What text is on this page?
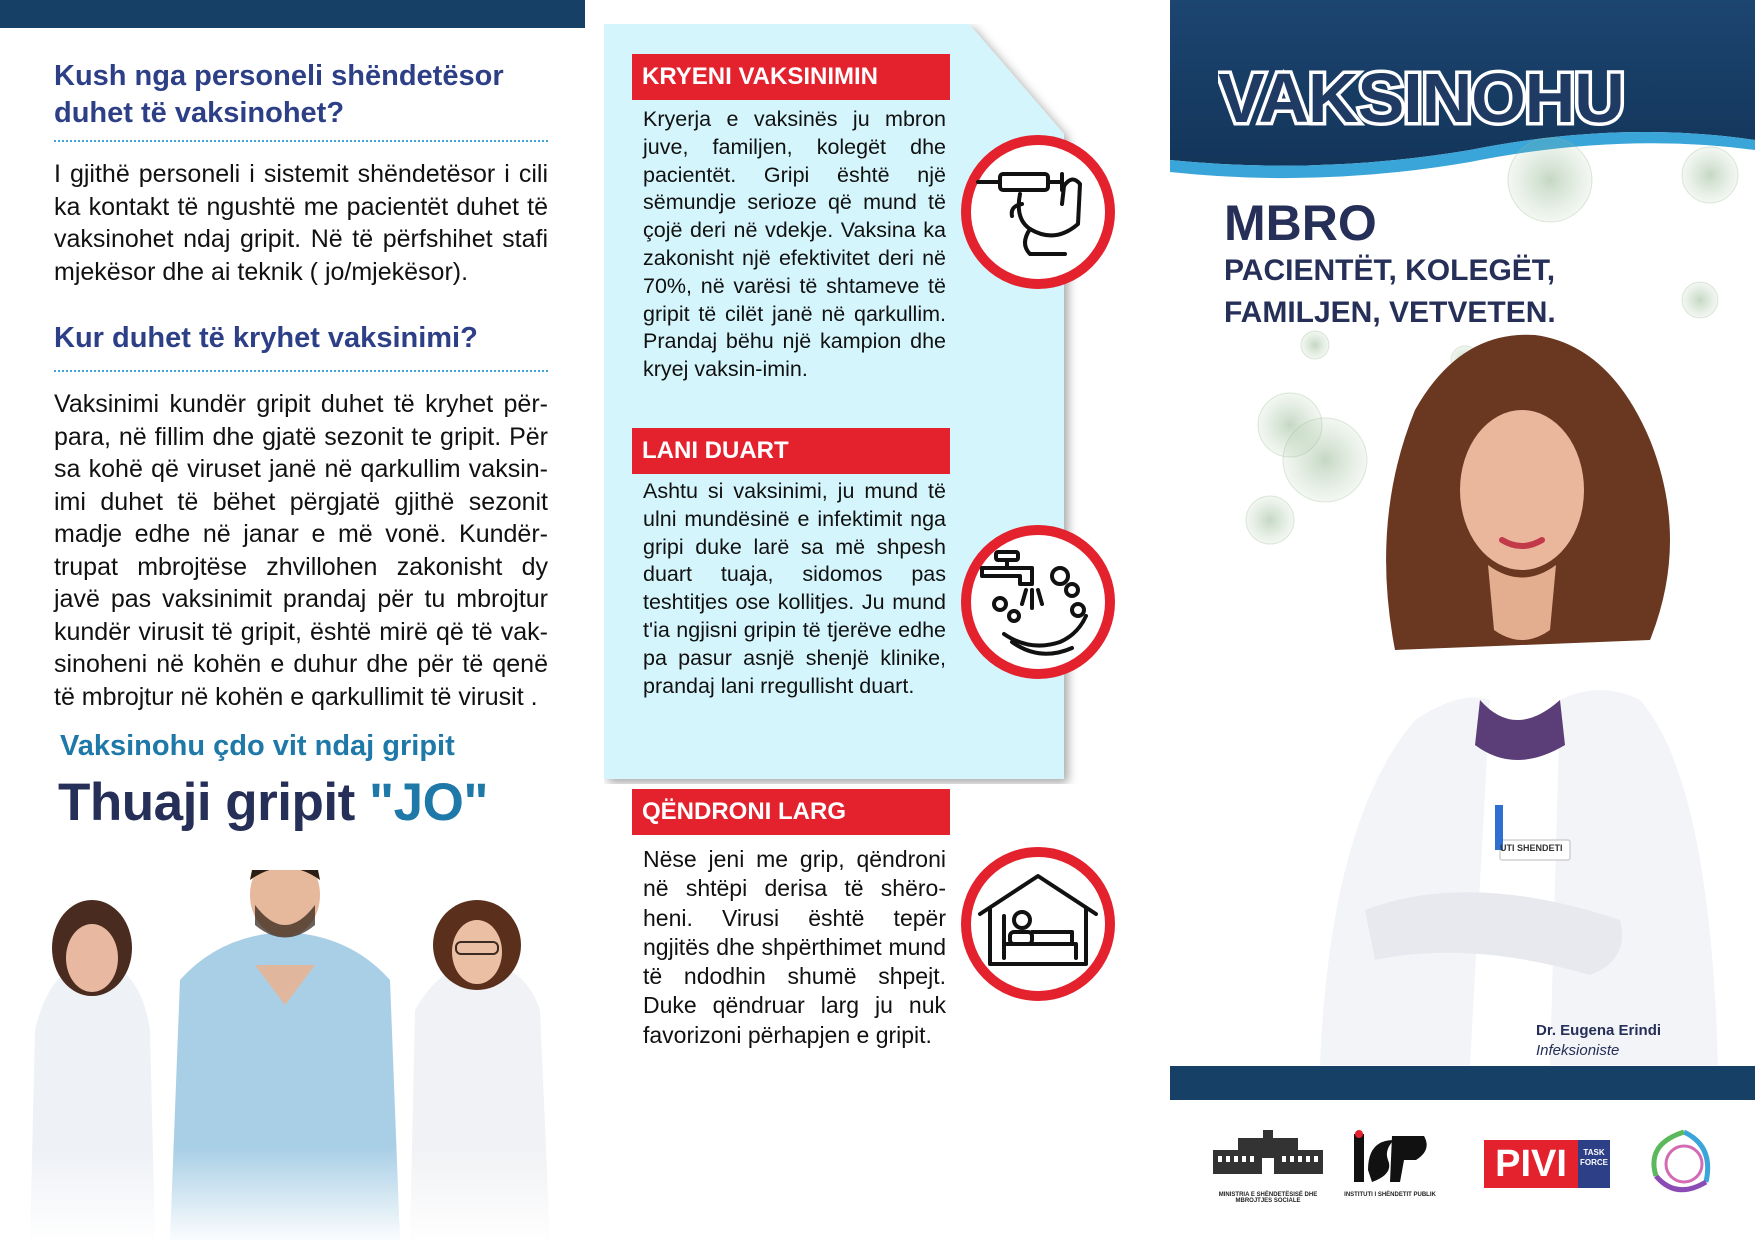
Kush nga personeli shëndetësor duhet të vaksinohet?
I gjithë personeli i sistemit shëndetësor i cili ka kontakt të ngushtë me pacientët duhet të vaksinohet ndaj gripit. Në të përfshihet stafi mjekësor dhe ai teknik ( jo/mjekësor).
Kur duhet të kryhet vaksinimi?
Vaksinimi kundër gripit duhet të kryhet për-para, në fillim dhe gjatë sezonit te gripit. Për sa kohë që viruset janë në qarkullim vaksin-imi duhet të bëhet përgjatë gjithë sezonit madje edhe në janar e më vonë. Kundër-trupat mbrojtëse zhvillohen zakonisht dy javë pas vaksinimit prandaj për tu mbrojtur kundër virusit të gripit, është mirë që të vak-sinoheni në kohën e duhur dhe për të qenë të mbrojtur në kohën e qarkullimit të virusit .
Vaksinohu çdo vit ndaj gripit
Thuaji gripit "JO"
KRYENI VAKSINIMIN
Kryerja e vaksinës ju mbron juve, familjen, kolegët dhe pacientët. Gripi është një sëmundje serioze që mund të çojë deri në vdekje. Vaksina ka zakonisht një efektivitet deri në 70%, në varësi të shtameve të gripit të cilët janë në qarkullim. Prandaj bëhu një kampion dhe kryej vaksin-imin.
LANI DUART
Ashtu si vaksinimi, ju mund të ulni mundësinë e infektimit nga gripi duke larë sa më shpesh duart tuaja, sidomos pas teshtitjes ose kollitjes. Ju mund t'ia ngjisni gripin të tjerëve edhe pa pasur asnjë shenjë klinike, prandaj lani rregullisht duart.
QËNDRONI LARG
Nëse jeni me grip, qëndroni në shtëpi derisa të shëro-heni. Virusi është tepër ngjitës dhe shpërthimet mund të ndodhin shumë shpejt. Duke qëndruar larg ju nuk favorizoni përhapjen e gripit.
VAKSINOHU
MBRO
PACIENTËT, KOLEGËT, FAMILJEN, VETVETEN.
UTI SHENDETI
Dr. Eugena Erindi
Infeksioniste
MINISTRIA E SHËNDETËSISË DHE MBROJTJES SOCIALE
INSTITUTI I SHËNDETIT PUBLIK
PIVI	TASK FORCE
